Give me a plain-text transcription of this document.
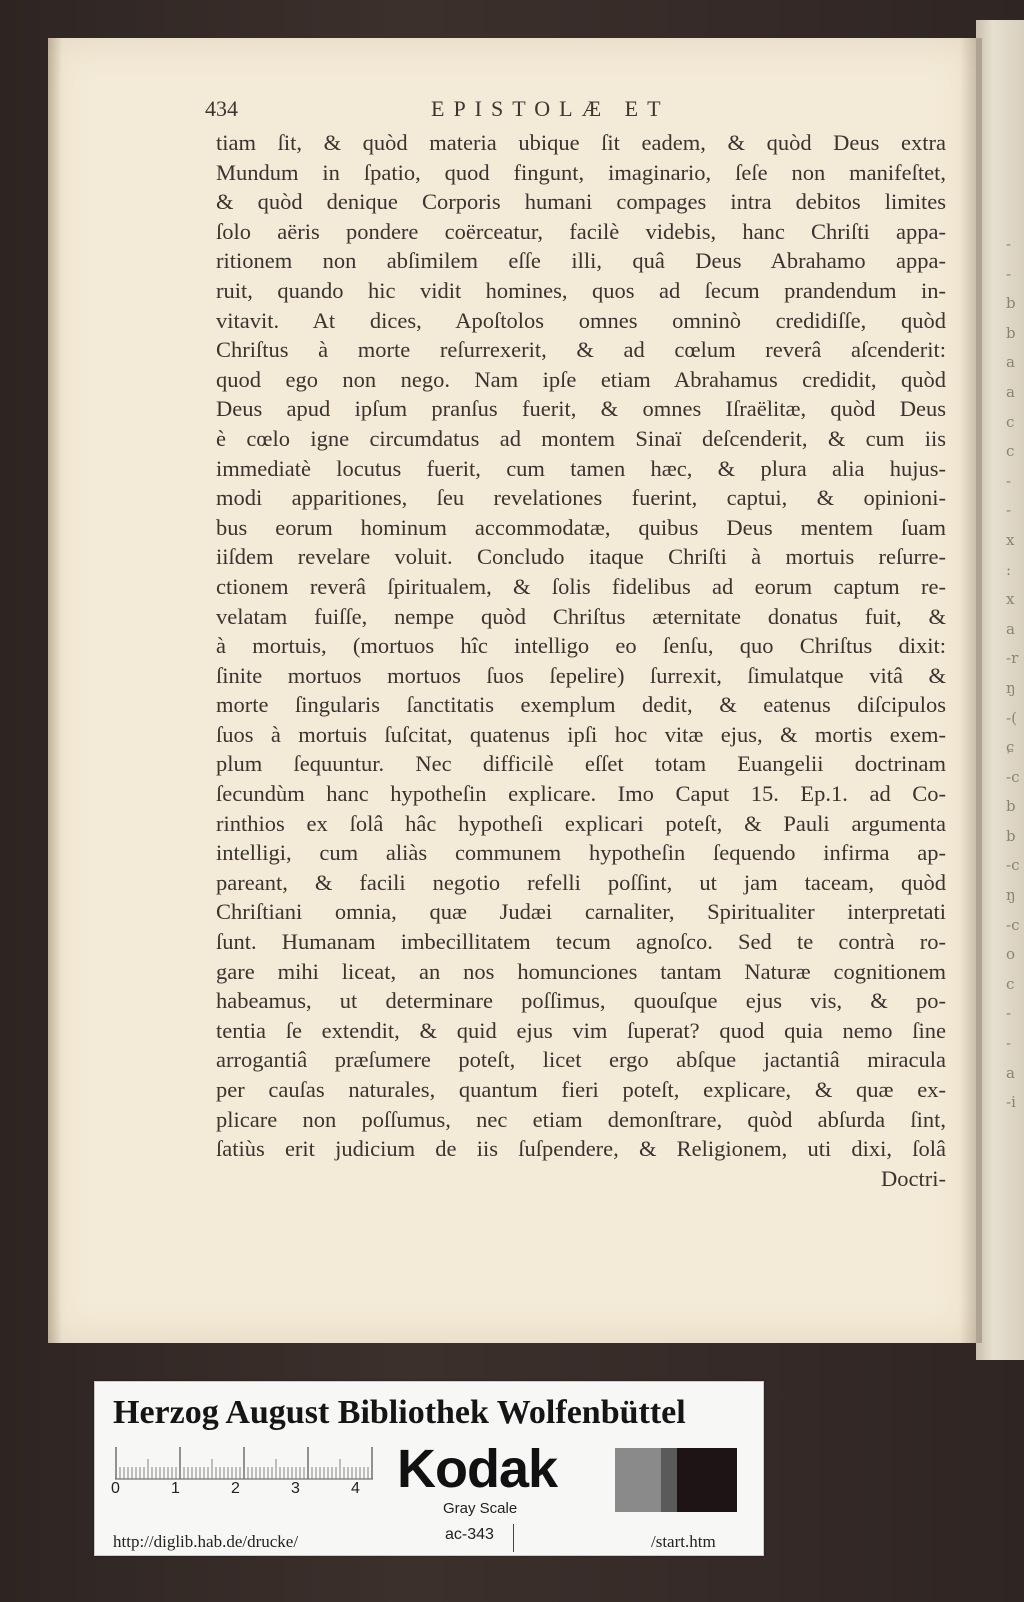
-
-
b
b
a
a
c
c
-
-
x
:
x
a
-r
ŋ
-(
ɕ
-c
b
b
-c
ŋ
-c
o
c
-
-
a
-i
434	EPISTOLÆ ET
tiam ſit, & quòd materia ubique ſit eadem, & quòd Deus extra
Mundum in ſpatio, quod fingunt, imaginario, ſeſe non manifeſtet,
& quòd denique Corporis humani compages intra debitos limites
ſolo aëris pondere coërceatur, facilè videbis, hanc Chriſti appa-
ritionem non abſimilem eſſe illi, quâ Deus Abrahamo appa-
ruit, quando hic vidit homines, quos ad ſecum prandendum in-
vitavit. At dices, Apoſtolos omnes omninò credidiſſe, quòd
Chriſtus à morte reſurrexerit, & ad cœlum reverâ aſcenderit:
quod ego non nego. Nam ipſe etiam Abrahamus credidit, quòd
Deus apud ipſum pranſus fuerit, & omnes Iſraëlitæ, quòd Deus
è cœlo igne circumdatus ad montem Sinaï deſcenderit, & cum iis
immediatè locutus fuerit, cum tamen hæc, & plura alia hujus-
modi apparitiones, ſeu revelationes fuerint, captui, & opinioni-
bus eorum hominum accommodatæ, quibus Deus mentem ſuam
iiſdem revelare voluit. Concludo itaque Chriſti à mortuis reſurre-
ctionem reverâ ſpiritualem, & ſolis fidelibus ad eorum captum re-
velatam fuiſſe, nempe quòd Chriſtus æternitate donatus fuit, &
à mortuis, (mortuos hîc intelligo eo ſenſu, quo Chriſtus dixit:
ſinite mortuos mortuos ſuos ſepelire) ſurrexit, ſimulatque vitâ &
morte ſingularis ſanctitatis exemplum dedit, & eatenus diſcipulos
ſuos à mortuis ſuſcitat, quatenus ipſi hoc vitæ ejus, & mortis exem-
plum ſequuntur. Nec difficilè eſſet totam Euangelii doctrinam
ſecundùm hanc hypotheſin explicare. Imo Caput 15. Ep.1. ad Co-
rinthios ex ſolâ hâc hypotheſi explicari poteſt, & Pauli argumenta
intelligi, cum aliàs communem hypotheſin ſequendo infirma ap-
pareant, & facili negotio refelli poſſint, ut jam taceam, quòd
Chriſtiani omnia, quæ Judæi carnaliter, Spiritualiter interpretati
ſunt. Humanam imbecillitatem tecum agnoſco. Sed te contrà ro-
gare mihi liceat, an nos homunciones tantam Naturæ cognitionem
habeamus, ut determinare poſſimus, quouſque ejus vis, & po-
tentia ſe extendit, & quid ejus vim ſuperat? quod quia nemo ſine
arrogantiâ præſumere poteſt, licet ergo abſque jactantiâ miracula
per cauſas naturales, quantum fieri poteſt, explicare, & quæ ex-
plicare non poſſumus, nec etiam demonſtrare, quòd abſurda ſint,
ſatiùs erit judicium de iis ſuſpendere, & Religionem, uti dixi, ſolâ
Doctri-
Herzog August Bibliothek Wolfenbüttel
0	1	2	3	4 Kodak
Gray Scale
http://diglib.hab.de/drucke/	ac-343	/start.htm
